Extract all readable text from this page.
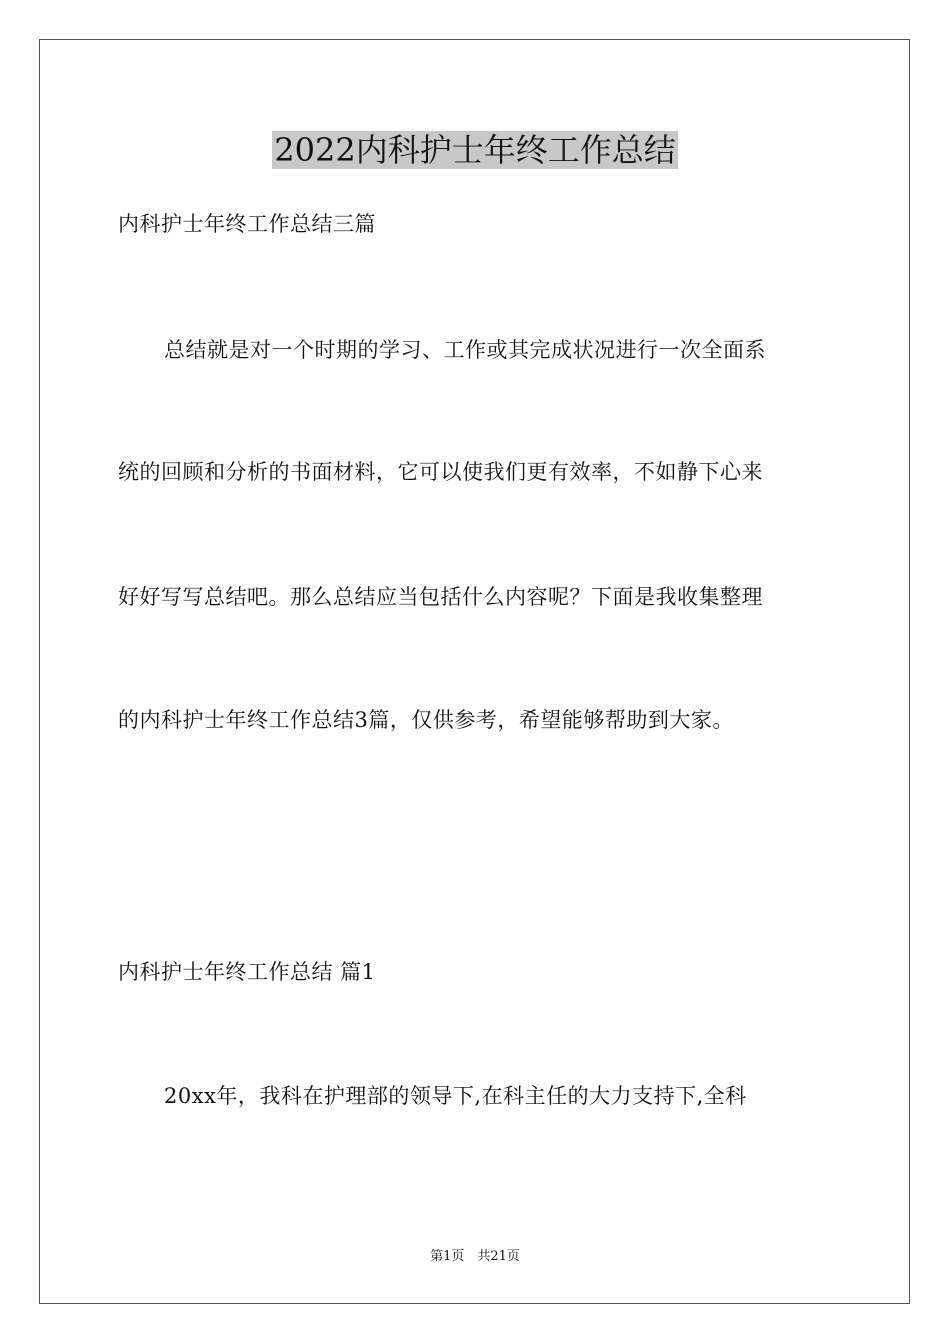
2022内科护士年终工作总结
内科护士年终工作总结三篇
总结就是对一个时期的学习、工作或其完成状况进行一次全面系
统的回顾和分析的书面材料，它可以使我们更有效率，不如静下心来
好好写写总结吧。那么总结应当包括什么内容呢？下面是我收集整理
的内科护士年终工作总结3篇，仅供参考，希望能够帮助到大家。
内科护士年终工作总结 篇1
20xx年，我科在护理部的领导下,在科主任的大力支持下,全科
第1页　共21页
